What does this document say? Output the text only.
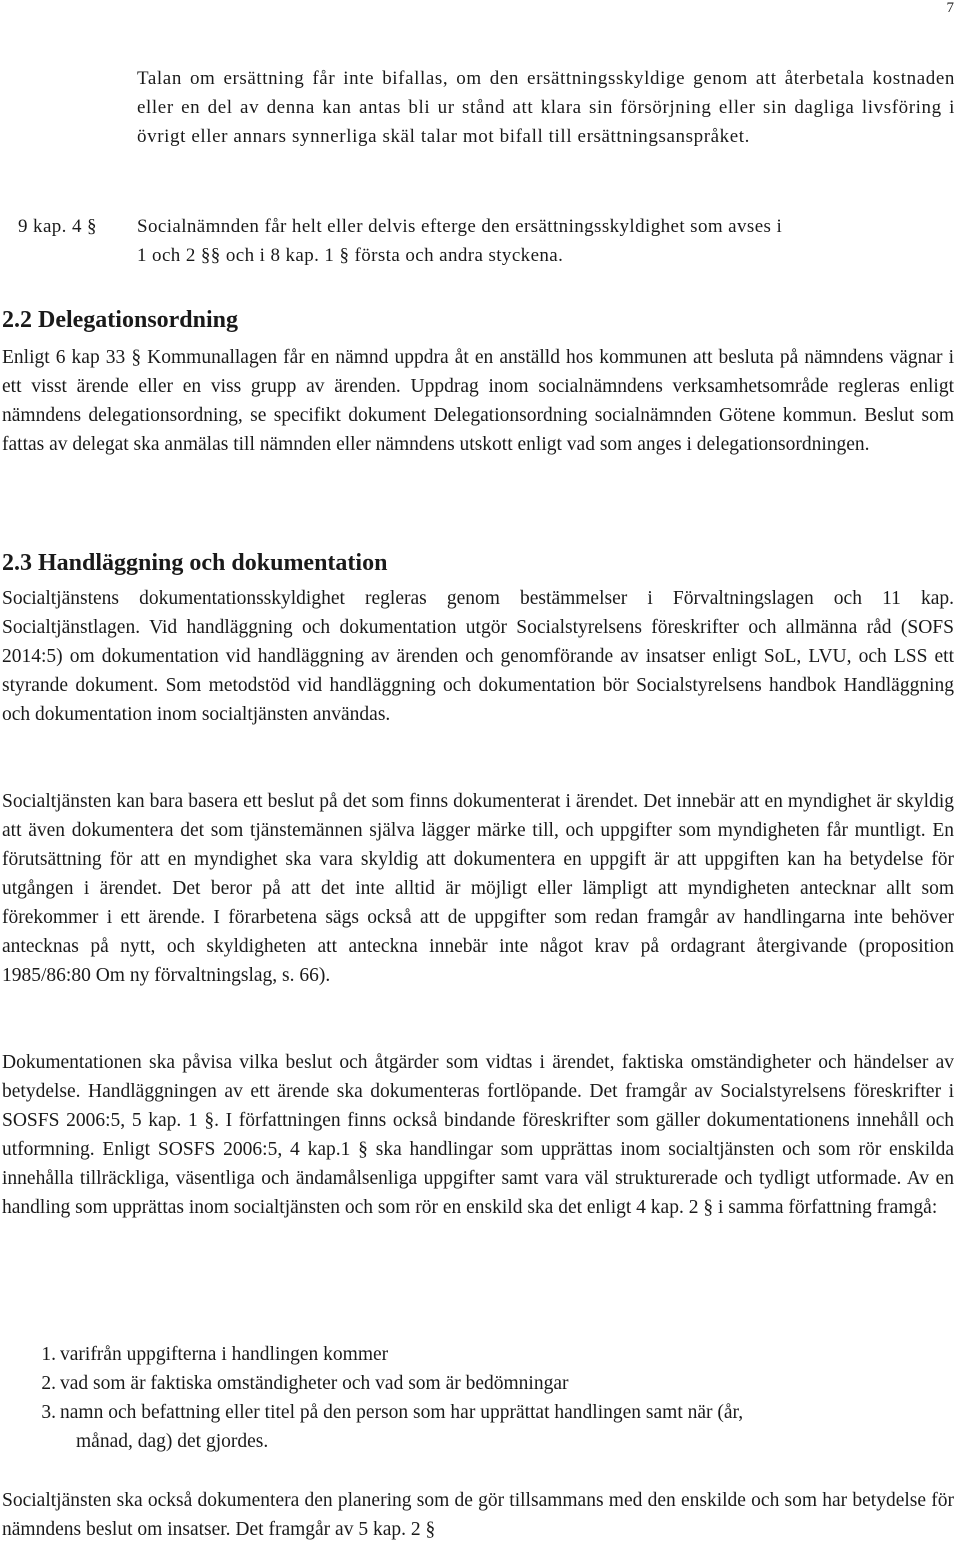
7
Talan om ersättning får inte bifallas, om den ersättningsskyldige genom att återbetala kostnaden eller en del av denna kan antas bli ur stånd att klara sin försörjning eller sin dagliga livsföring i övrigt eller annars synnerliga skäl talar mot bifall till ersättningsanspråket.
9 kap. 4 §	Socialnämnden får helt eller delvis efterge den ersättningsskyldighet som avses i
1 och 2 §§ och i 8 kap. 1 § första och andra styckena.
2.2 Delegationsordning
Enligt 6 kap 33 § Kommunallagen får en nämnd uppdra åt en anställd hos kommunen att besluta på nämndens vägnar i ett visst ärende eller en viss grupp av ärenden. Uppdrag inom socialnämndens verksamhetsområde regleras enligt nämndens delegationsordning, se specifikt dokument Delegationsordning socialnämnden Götene kommun. Beslut som fattas av delegat ska anmälas till nämnden eller nämndens utskott enligt vad som anges i delegationsordningen.
2.3 Handläggning och dokumentation
Socialtjänstens dokumentationsskyldighet regleras genom bestämmelser i Förvaltningslagen och 11 kap. Socialtjänstlagen. Vid handläggning och dokumentation utgör Socialstyrelsens föreskrifter och allmänna råd (SOFS 2014:5) om dokumentation vid handläggning av ärenden och genomförande av insatser enligt SoL, LVU, och LSS ett styrande dokument. Som metodstöd vid handläggning och dokumentation bör Socialstyrelsens handbok Handläggning och dokumentation inom socialtjänsten användas.
Socialtjänsten kan bara basera ett beslut på det som finns dokumenterat i ärendet. Det innebär att en myndighet är skyldig att även dokumentera det som tjänstemännen själva lägger märke till, och uppgifter som myndigheten får muntligt. En förutsättning för att en myndighet ska vara skyldig att dokumentera en uppgift är att uppgiften kan ha betydelse för utgången i ärendet. Det beror på att det inte alltid är möjligt eller lämpligt att myndigheten antecknar allt som förekommer i ett ärende. I förarbetena sägs också att de uppgifter som redan framgår av handlingarna inte behöver antecknas på nytt, och skyldigheten att anteckna innebär inte något krav på ordagrant återgivande (proposition 1985/86:80 Om ny förvaltningslag, s. 66).
Dokumentationen ska påvisa vilka beslut och åtgärder som vidtas i ärendet, faktiska omständigheter och händelser av betydelse. Handläggningen av ett ärende ska dokumenteras fortlöpande. Det framgår av Socialstyrelsens föreskrifter i SOSFS 2006:5, 5 kap. 1 §. I författningen finns också bindande föreskrifter som gäller dokumentationens innehåll och utformning. Enligt SOSFS 2006:5, 4 kap.1 § ska handlingar som upprättas inom socialtjänsten och som rör enskilda innehålla tillräckliga, väsentliga och ändamålsenliga uppgifter samt vara väl strukturerade och tydligt utformade. Av en handling som upprättas inom socialtjänsten och som rör en enskild ska det enligt 4 kap. 2 § i samma författning framgå:
1. varifrån uppgifterna i handlingen kommer
2. vad som är faktiska omständigheter och vad som är bedömningar
3. namn och befattning eller titel på den person som har upprättat handlingen samt när (år,
månad, dag) det gjordes.
Socialtjänsten ska också dokumentera den planering som de gör tillsammans med den enskilde och som har betydelse för nämndens beslut om insatser. Det framgår av 5 kap. 2 §
